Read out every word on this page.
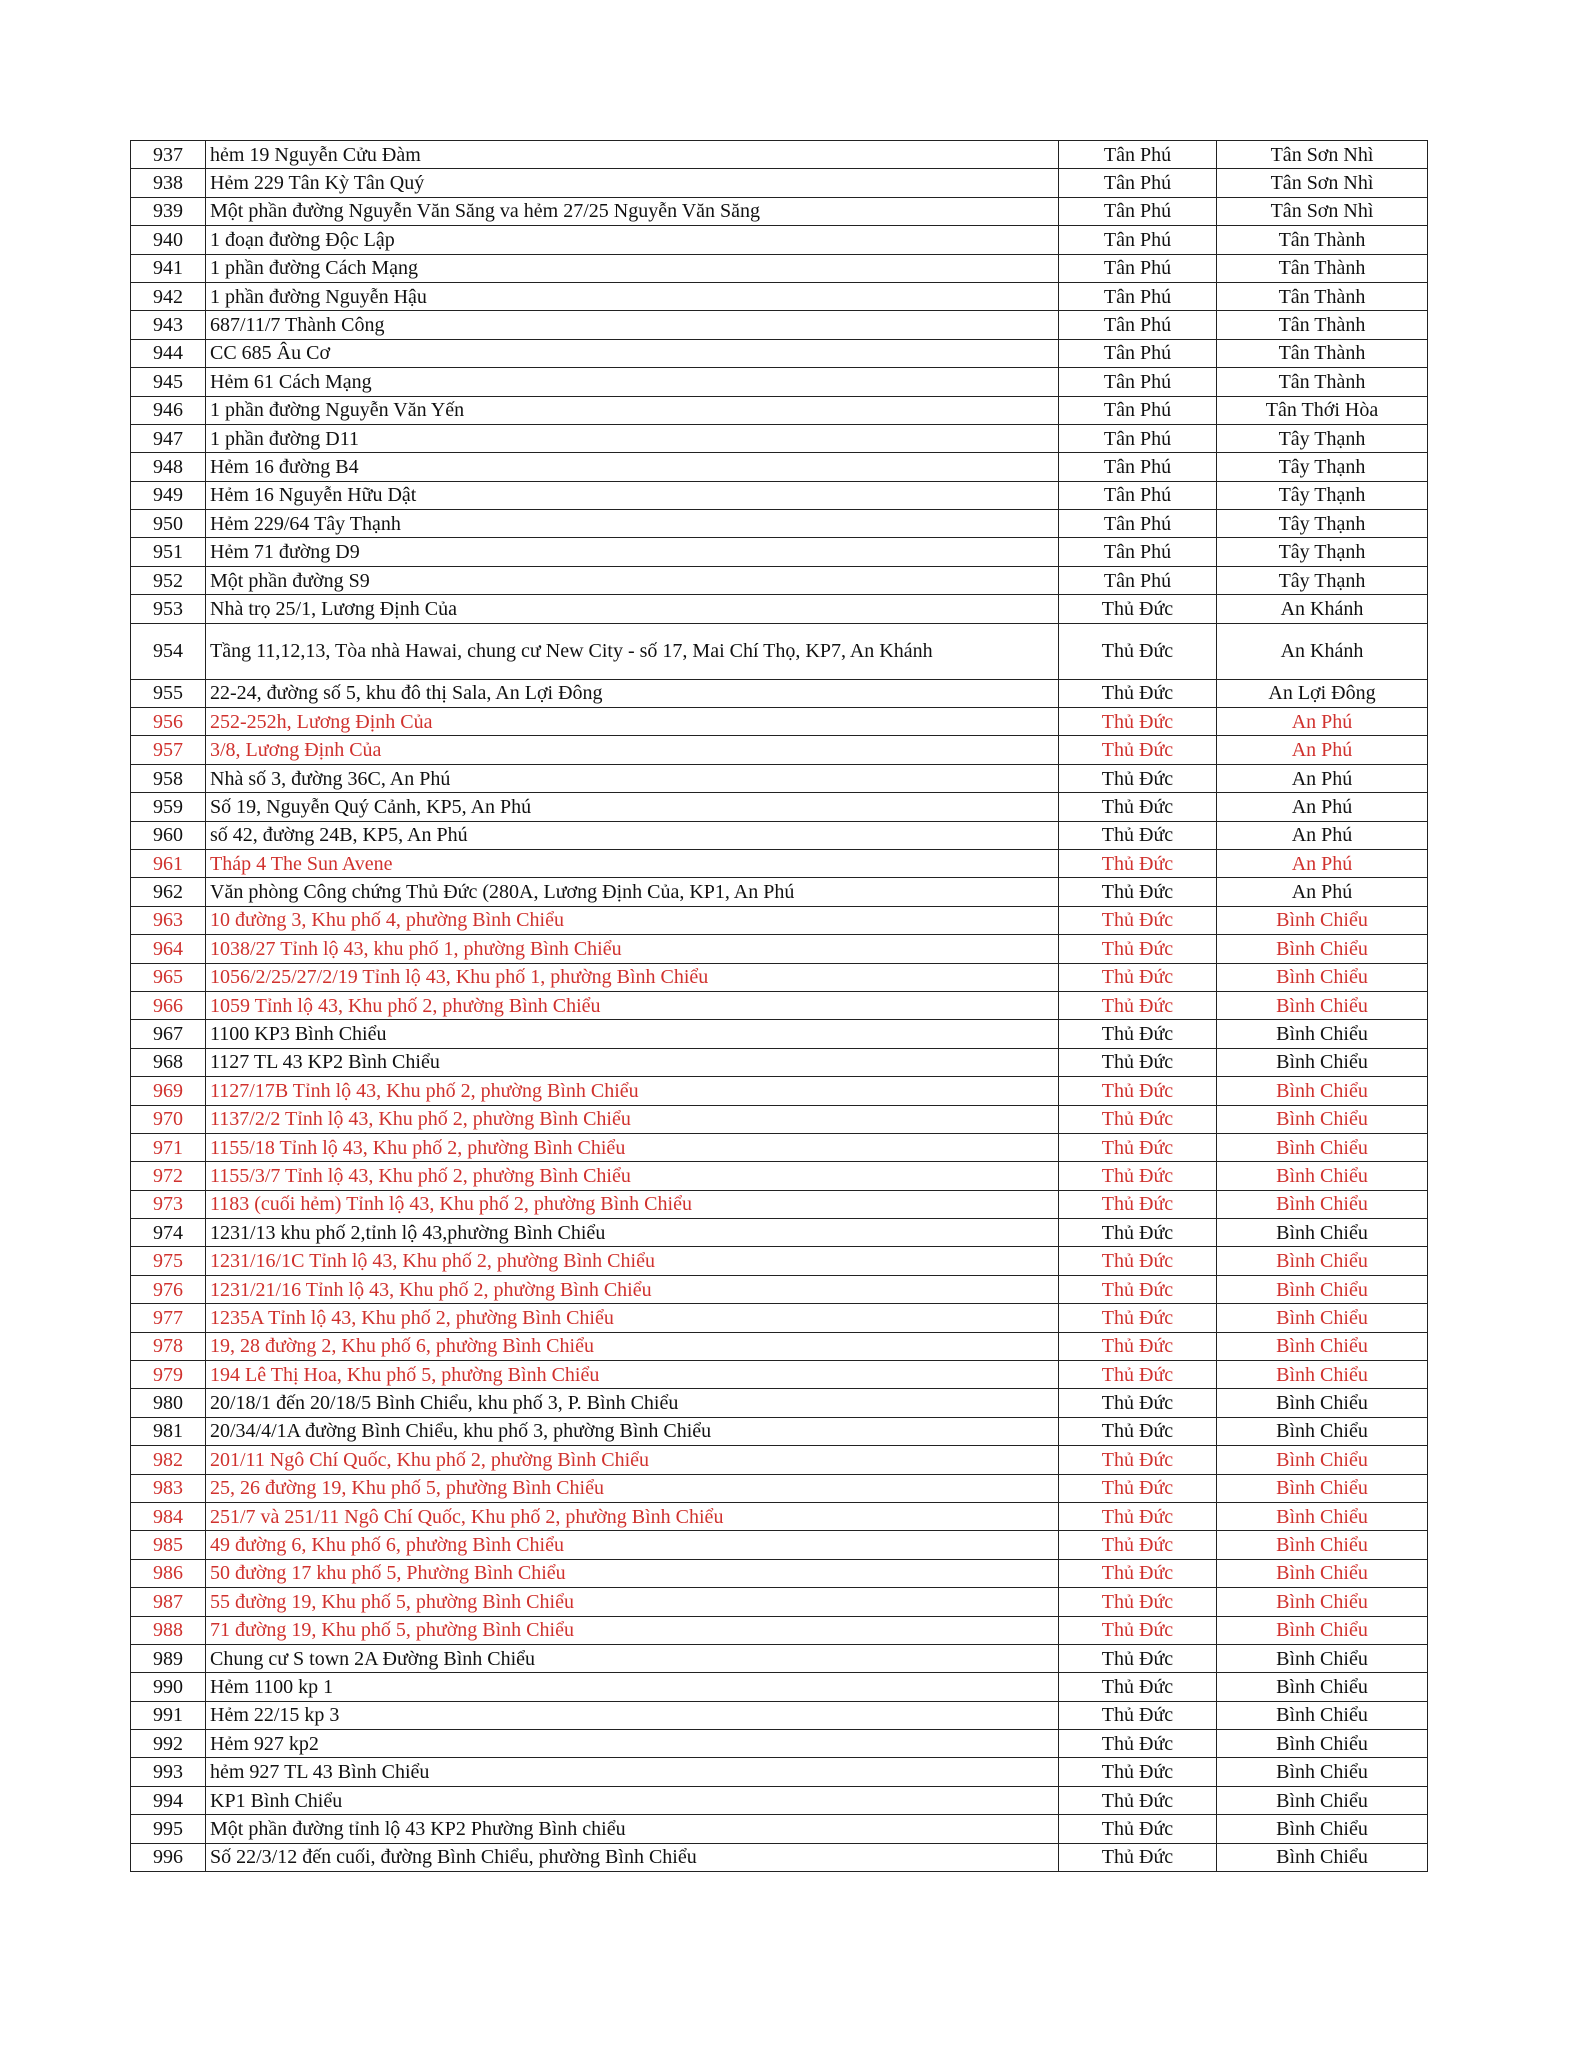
937	hẻm 19 Nguyễn Cửu Đàm	Tân Phú	Tân Sơn Nhì
938	Hẻm 229 Tân Kỳ Tân Quý	Tân Phú	Tân Sơn Nhì
939	Một phần đường Nguyễn Văn Săng va hẻm 27/25 Nguyễn Văn Săng	Tân Phú	Tân Sơn Nhì
940	1 đoạn đường Độc Lập	Tân Phú	Tân Thành
941	1 phần đường Cách Mạng	Tân Phú	Tân Thành
942	1 phần đường Nguyễn Hậu	Tân Phú	Tân Thành
943	687/11/7 Thành Công	Tân Phú	Tân Thành
944	CC 685 Âu Cơ	Tân Phú	Tân Thành
945	Hẻm 61 Cách Mạng	Tân Phú	Tân Thành
946	1 phần đường Nguyễn Văn Yến	Tân Phú	Tân Thới Hòa
947	1 phần đường D11	Tân Phú	Tây Thạnh
948	Hẻm 16 đường B4	Tân Phú	Tây Thạnh
949	Hẻm 16 Nguyễn Hữu Dật	Tân Phú	Tây Thạnh
950	Hẻm 229/64 Tây Thạnh	Tân Phú	Tây Thạnh
951	Hẻm 71 đường D9	Tân Phú	Tây Thạnh
952	Một phần đường S9	Tân Phú	Tây Thạnh
953	Nhà trọ 25/1, Lương Định Của	Thủ Đức	An Khánh
954	Tầng 11,12,13, Tòa nhà Hawai, chung cư New City - số 17, Mai Chí Thọ, KP7, An Khánh	Thủ Đức	An Khánh
955	22-24, đường số 5, khu đô thị Sala, An Lợi Đông	Thủ Đức	An Lợi Đông
956	252-252h, Lương Định Của	Thủ Đức	An Phú
957	3/8, Lương Định Của	Thủ Đức	An Phú
958	Nhà số 3, đường 36C, An Phú	Thủ Đức	An Phú
959	Số 19, Nguyễn Quý Cảnh, KP5, An Phú	Thủ Đức	An Phú
960	số 42, đường 24B, KP5, An Phú	Thủ Đức	An Phú
961	Tháp 4 The Sun Avene	Thủ Đức	An Phú
962	Văn phòng Công chứng Thủ Đức (280A, Lương Định Của, KP1, An Phú	Thủ Đức	An Phú
963	10 đường 3, Khu phố 4, phường Bình Chiểu	Thủ Đức	Bình Chiểu
964	1038/27 Tỉnh lộ 43, khu phố 1, phường Bình Chiểu	Thủ Đức	Bình Chiểu
965	1056/2/25/27/2/19 Tỉnh lộ 43, Khu phố 1, phường Bình Chiểu	Thủ Đức	Bình Chiểu
966	1059 Tỉnh lộ 43, Khu phố 2, phường Bình Chiểu	Thủ Đức	Bình Chiểu
967	1100 KP3 Bình Chiểu	Thủ Đức	Bình Chiểu
968	1127 TL 43 KP2 Bình Chiểu	Thủ Đức	Bình Chiểu
969	1127/17B Tỉnh lộ 43, Khu phố 2, phường Bình Chiểu	Thủ Đức	Bình Chiểu
970	1137/2/2 Tỉnh lộ 43, Khu phố 2, phường Bình Chiểu	Thủ Đức	Bình Chiểu
971	1155/18 Tỉnh lộ 43, Khu phố 2, phường Bình Chiểu	Thủ Đức	Bình Chiểu
972	1155/3/7 Tỉnh lộ 43, Khu phố 2, phường Bình Chiểu	Thủ Đức	Bình Chiểu
973	1183 (cuối hẻm) Tỉnh lộ 43, Khu phố 2, phường Bình Chiểu	Thủ Đức	Bình Chiểu
974	1231/13 khu phố 2,tỉnh lộ 43,phường Bình Chiểu	Thủ Đức	Bình Chiểu
975	1231/16/1C Tỉnh lộ 43, Khu phố 2, phường Bình Chiểu	Thủ Đức	Bình Chiểu
976	1231/21/16 Tỉnh lộ 43, Khu phố 2, phường Bình Chiểu	Thủ Đức	Bình Chiểu
977	1235A Tỉnh lộ 43, Khu phố 2, phường Bình Chiểu	Thủ Đức	Bình Chiểu
978	19, 28 đường 2, Khu phố 6, phường Bình Chiểu	Thủ Đức	Bình Chiểu
979	194 Lê Thị Hoa, Khu phố 5, phường Bình Chiểu	Thủ Đức	Bình Chiểu
980	20/18/1 đến 20/18/5 Bình Chiểu, khu phố 3, P. Bình Chiểu	Thủ Đức	Bình Chiểu
981	20/34/4/1A đường Bình Chiểu, khu phố 3, phường Bình Chiểu	Thủ Đức	Bình Chiểu
982	201/11 Ngô Chí Quốc, Khu phố 2, phường Bình Chiểu	Thủ Đức	Bình Chiểu
983	25, 26 đường 19, Khu phố 5, phường Bình Chiểu	Thủ Đức	Bình Chiểu
984	251/7 và 251/11 Ngô Chí Quốc, Khu phố 2, phường Bình Chiểu	Thủ Đức	Bình Chiểu
985	49 đường 6, Khu phố 6, phường Bình Chiểu	Thủ Đức	Bình Chiểu
986	50 đường 17 khu phố 5, Phường Bình Chiểu	Thủ Đức	Bình Chiểu
987	55 đường 19, Khu phố 5, phường Bình Chiểu	Thủ Đức	Bình Chiểu
988	71 đường 19, Khu phố 5, phường Bình Chiểu	Thủ Đức	Bình Chiểu
989	Chung cư S town 2A Đường Bình Chiểu	Thủ Đức	Bình Chiểu
990	Hẻm 1100 kp 1	Thủ Đức	Bình Chiểu
991	Hẻm 22/15 kp 3	Thủ Đức	Bình Chiểu
992	Hẻm 927 kp2	Thủ Đức	Bình Chiểu
993	hẻm 927 TL 43 Bình Chiểu	Thủ Đức	Bình Chiểu
994	KP1 Bình Chiểu	Thủ Đức	Bình Chiểu
995	Một phần đường tỉnh lộ 43 KP2 Phường Bình chiểu	Thủ Đức	Bình Chiểu
996	Số 22/3/12 đến cuối, đường Bình Chiểu, phường Bình Chiểu	Thủ Đức	Bình Chiểu
